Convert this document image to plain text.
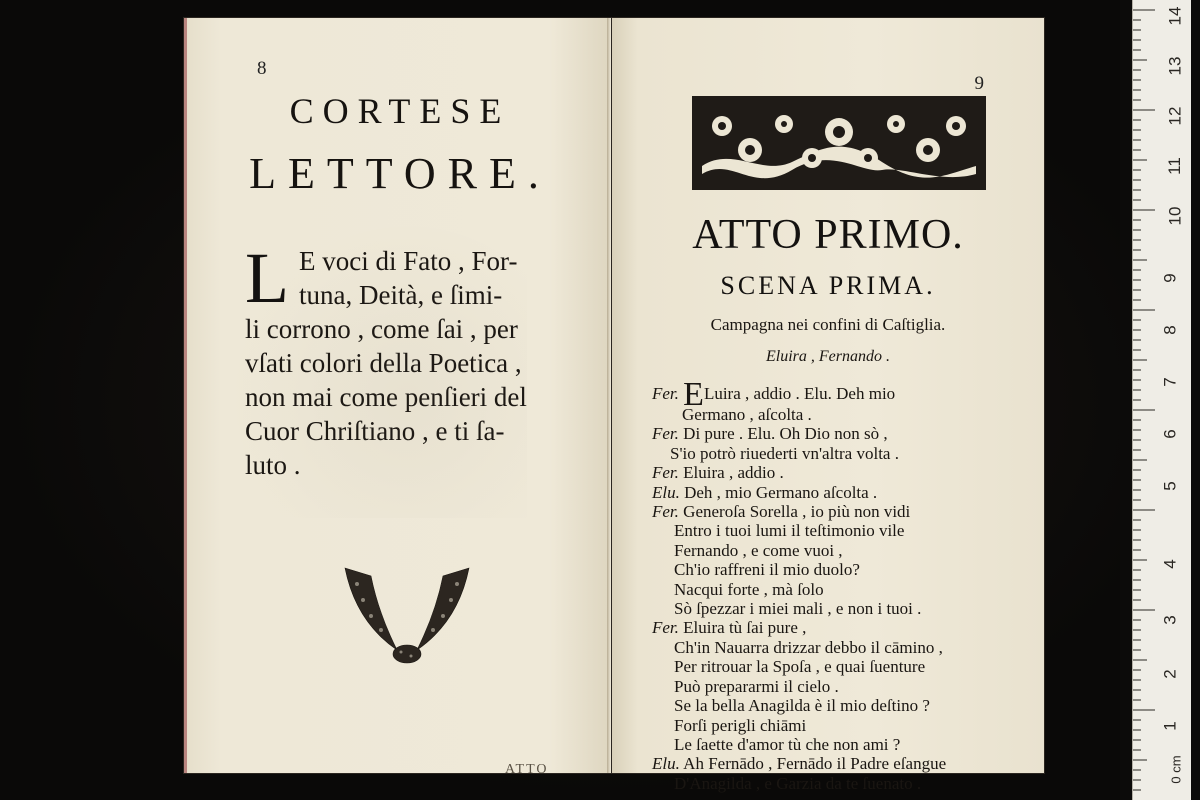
8
CORTESE
LETTORE.
L E voci di Fato , For-
tuna, Deità, e ſimi-
li corrono , come ſai , per
vſati colori della Poetica ,
non mai come penſieri del
Cuor Chriſtiano , e ti ſa-
luto .
9
ATTO PRIMO.
SCENA PRIMA.
Campagna nei confini di Caſtiglia.
Eluira , Fernando .
Fer. ELuira , addio . Elu. Deh mio
Germano , aſcolta .
Fer. Di pure . Elu. Oh Dio non sò ,
S'io potrò riuederti vn'altra volta .
Fer. Eluira , addio .
Elu. Deh , mio Germano aſcolta .
Fer. Generoſa Sorella , io più non vidi
Entro i tuoi lumi il teſtimonio vile
Fernando , e come vuoi ,
Ch'io raffreni il mio duolo?
Nacqui forte , mà ſolo
Sò ſpezzar i miei mali , e non i tuoi .
Fer. Eluira tù ſai pure ,
Ch'in Nauarra drizzar debbo il cāmino ,
Per ritrouar la Spoſa , e quai ſuenture
Può prepararmi il cielo .
Se la bella Anagilda è il mio deſtino ?
Forſi perigli chiāmi
Le ſaette d'amor tù che non ami ?
Elu. Ah Fernādo , Fernādo il Padre eſangue
D'Anagilda , e Garzia da te ſuenato .
ATTO
14
13
12
11
10
9
8
7
6
5
4
3
2
1
0 cm
